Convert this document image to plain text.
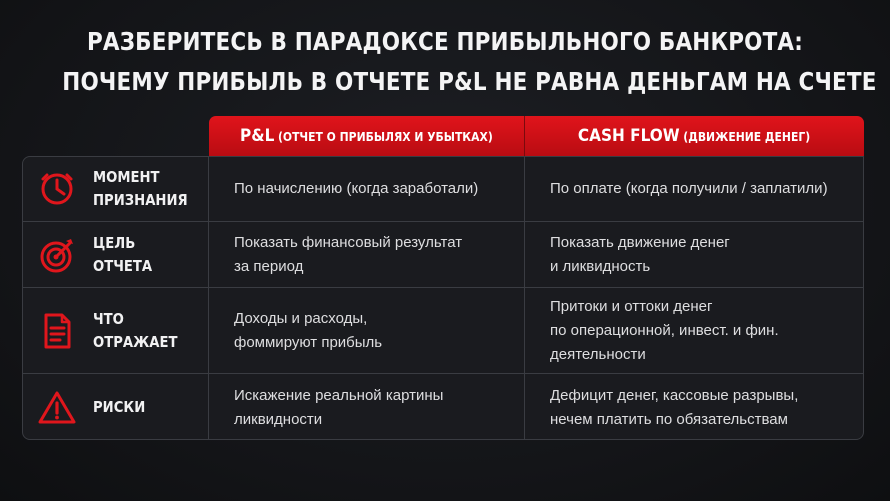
РАЗБЕРИТЕСЬ В ПАРАДОКСЕ ПРИБЫЛЬНОГО БАНКРОТА:
ПОЧЕМУ ПРИБЫЛЬ В ОТЧЕТЕ P&L НЕ РАВНА ДЕНЬГАМ НА СЧЕТЕ
P&L (ОТЧЕТ О ПРИБЫЛЯХ И УБЫТКАХ)	CASH FLOW (ДВИЖЕНИЕ ДЕНЕГ)
МОМЕНТ
ПРИЗНАНИЯ
По начислению (когда заработали)	По оплате (когда получили / заплатили)
ЦЕЛЬ
ОТЧЕТА
Показать финансовый результат
за период
Показать движение денег
и ликвидность
ЧТО
ОТРАЖАЕТ
Доходы и расходы,
фоммируют прибыль
Притоки и оттоки денег
по операционной, инвест. и фин.
деятельности
РИСКИ
Искажение реальной картины
ликвидности
Дефицит денег, кассовые разрывы,
нечем платить по обязательствам
